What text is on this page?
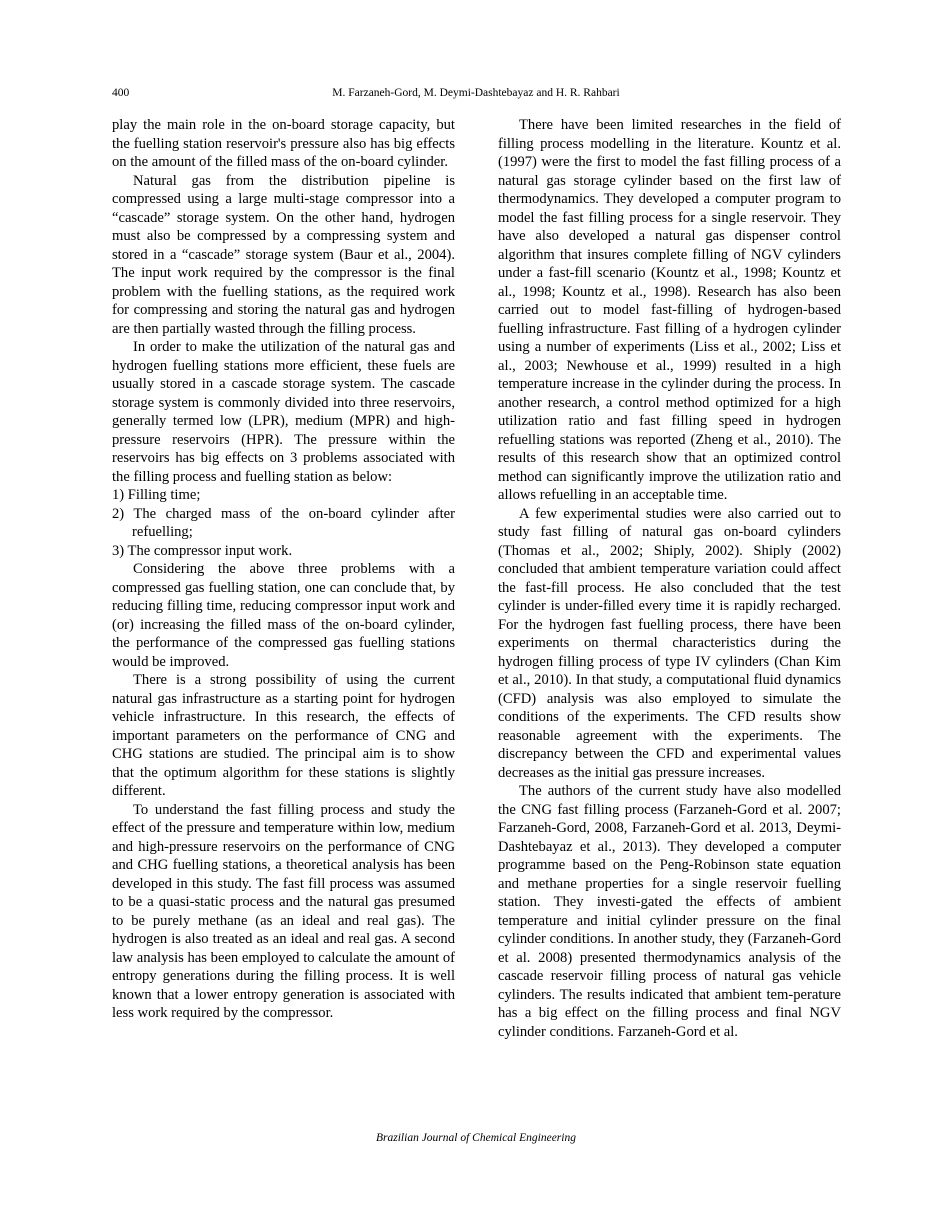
400	M. Farzaneh-Gord, M. Deymi-Dashtebayaz and H. R. Rahbari

play the main role in the on-board storage capacity, but the fuelling station reservoir's pressure also has big effects on the amount of the filled mass of the on-board cylinder.

Natural gas from the distribution pipeline is compressed using a large multi-stage compressor into a “cascade” storage system. On the other hand, hydrogen must also be compressed by a compressing system and stored in a “cascade” storage system (Baur et al., 2004). The input work required by the compressor is the final problem with the fuelling stations, as the required work for compressing and storing the natural gas and hydrogen are then partially wasted through the filling process.

In order to make the utilization of the natural gas and hydrogen fuelling stations more efficient, these fuels are usually stored in a cascade storage system. The cascade storage system is commonly divided into three reservoirs, generally termed low (LPR), medium (MPR) and high-pressure reservoirs (HPR). The pressure within the reservoirs has big effects on 3 problems associated with the filling process and fuelling station as below:

1) Filling time;

2) The charged mass of the on-board cylinder after refuelling;

3) The compressor input work.

Considering the above three problems with a compressed gas fuelling station, one can conclude that, by reducing filling time, reducing compressor input work and (or) increasing the filled mass of the on-board cylinder, the performance of the compressed gas fuelling stations would be improved.

There is a strong possibility of using the current natural gas infrastructure as a starting point for hydrogen vehicle infrastructure. In this research, the effects of important parameters on the performance of CNG and CHG stations are studied. The principal aim is to show that the optimum algorithm for these stations is slightly different.

To understand the fast filling process and study the effect of the pressure and temperature within low, medium and high-pressure reservoirs on the performance of CNG and CHG fuelling stations, a theoretical analysis has been developed in this study. The fast fill process was assumed to be a quasi-static process and the natural gas presumed to be purely methane (as an ideal and real gas). The hydrogen is also treated as an ideal and real gas. A second law analysis has been employed to calculate the amount of entropy generations during the filling process. It is well known that a lower entropy generation is associated with less work required by the compressor.

There have been limited researches in the field of filling process modelling in the literature. Kountz et al. (1997) were the first to model the fast filling process of a natural gas storage cylinder based on the first law of thermodynamics. They developed a computer program to model the fast filling process for a single reservoir. They have also developed a natural gas dispenser control algorithm that insures complete filling of NGV cylinders under a fast-fill scenario (Kountz et al., 1998; Kountz et al., 1998; Kountz et al., 1998). Research has also been carried out to model fast-filling of hydrogen-based fuelling infrastructure. Fast filling of a hydrogen cylinder using a number of experiments (Liss et al., 2002; Liss et al., 2003; Newhouse et al., 1999) resulted in a high temperature increase in the cylinder during the process. In another research, a control method optimized for a high utilization ratio and fast filling speed in hydrogen refuelling stations was reported (Zheng et al., 2010). The results of this research show that an optimized control method can significantly improve the utilization ratio and allows refuelling in an acceptable time.

A few experimental studies were also carried out to study fast filling of natural gas on-board cylinders (Thomas et al., 2002; Shiply, 2002). Shiply (2002) concluded that ambient temperature variation could affect the fast-fill process. He also concluded that the test cylinder is under-filled every time it is rapidly recharged. For the hydrogen fast fuelling process, there have been experiments on thermal characteristics during the hydrogen filling process of type IV cylinders (Chan Kim et al., 2010). In that study, a computational fluid dynamics (CFD) analysis was also employed to simulate the conditions of the experiments. The CFD results show reasonable agreement with the experiments. The discrepancy between the CFD and experimental values decreases as the initial gas pressure increases.

The authors of the current study have also modelled the CNG fast filling process (Farzaneh-Gord et al. 2007; Farzaneh-Gord, 2008, Farzaneh-Gord et al. 2013, Deymi-Dashtebayaz et al., 2013). They developed a computer programme based on the Peng-Robinson state equation and methane properties for a single reservoir fuelling station. They investi-gated the effects of ambient temperature and initial cylinder pressure on the final cylinder conditions. In another study, they (Farzaneh-Gord et al. 2008) presented thermodynamics analysis of the cascade reservoir filling process of natural gas vehicle cylinders. The results indicated that ambient tem-perature has a big effect on the filling process and final NGV cylinder conditions. Farzaneh-Gord et al.

Brazilian Journal of Chemical Engineering
